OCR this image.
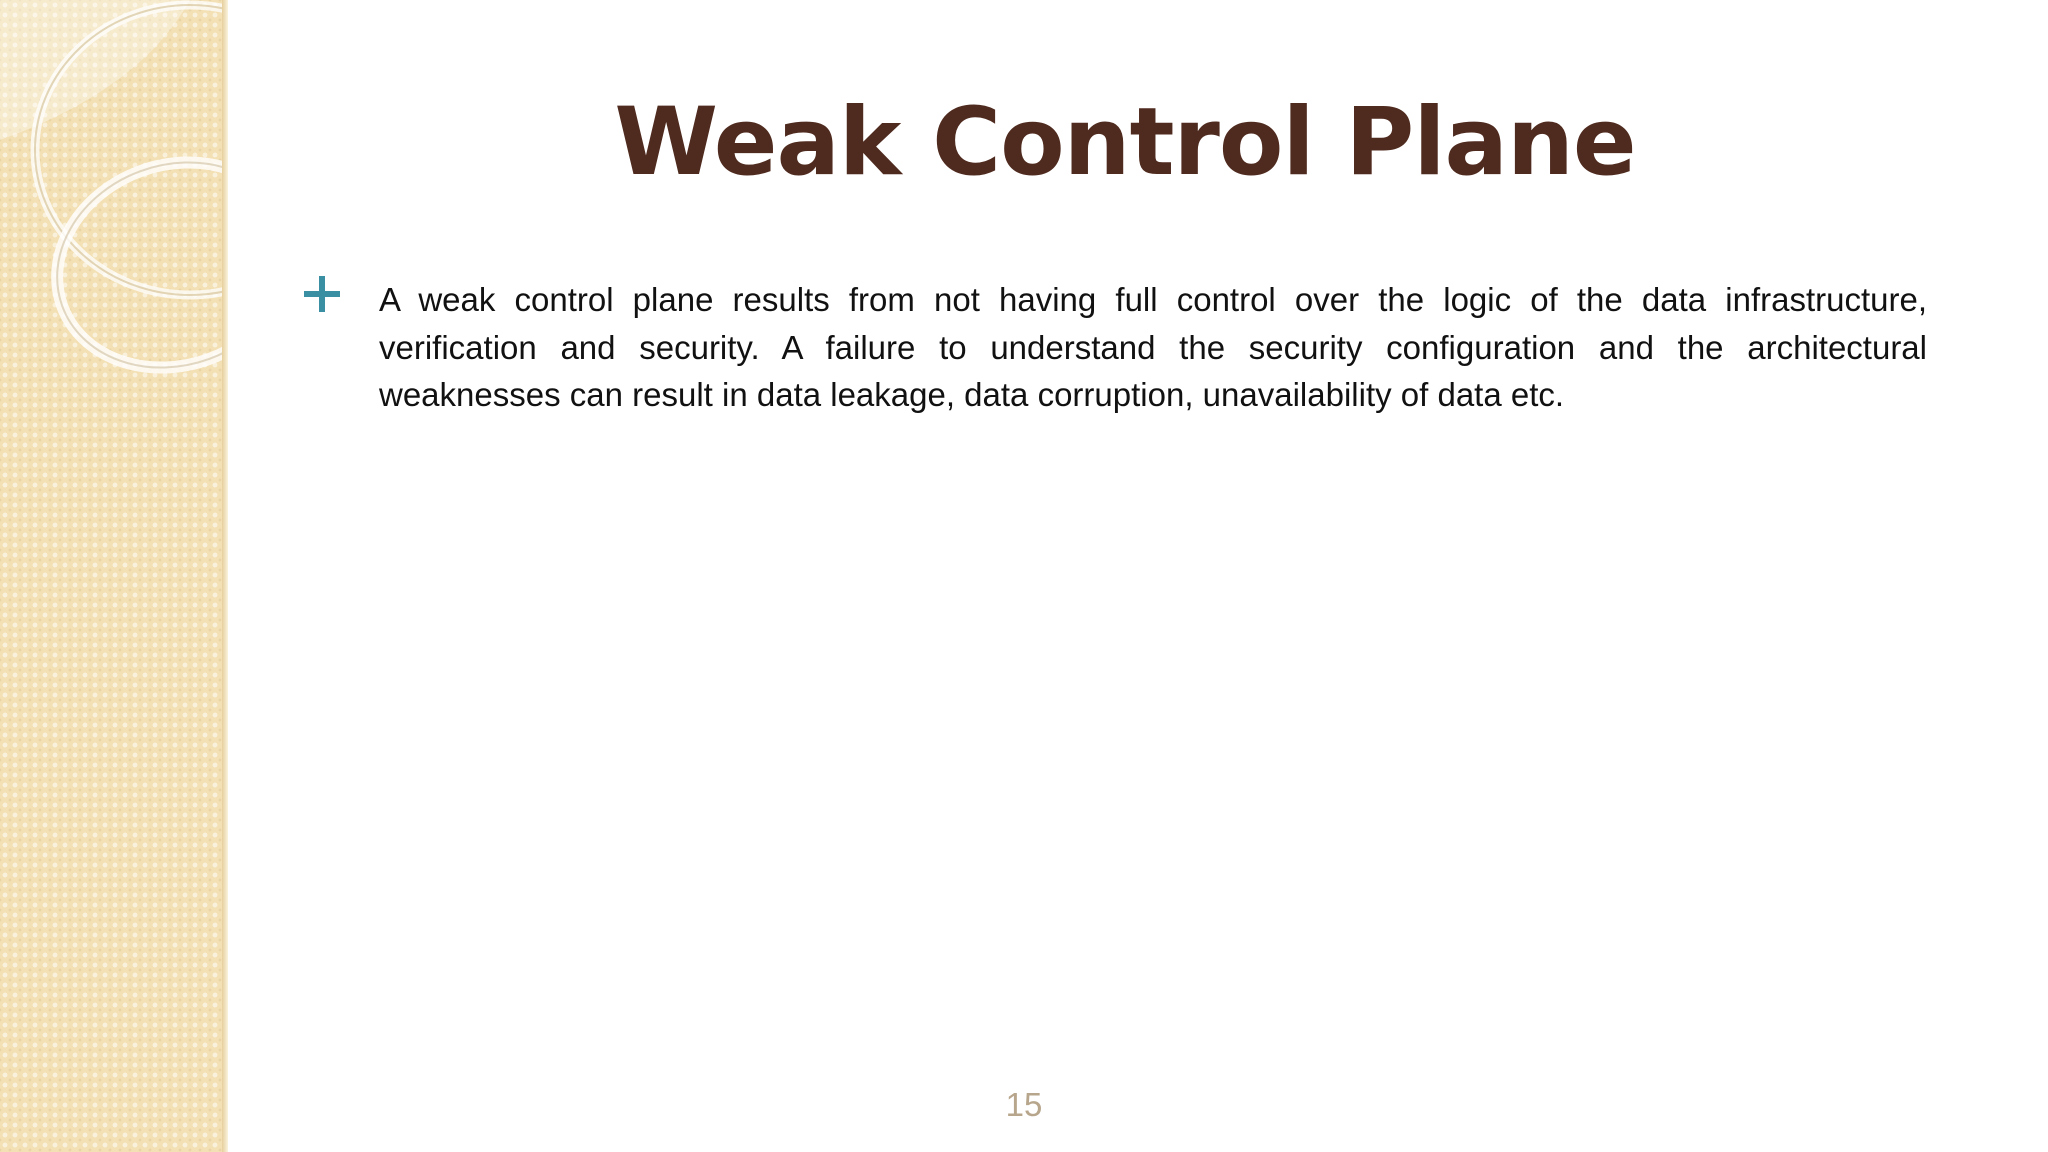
Weak Control Plane

A weak control plane results from not having full control over the logic of the data infrastructure, verification and security. A failure to understand the security configuration and the architectural weaknesses can result in data leakage, data corruption, unavailability of data etc.

15
